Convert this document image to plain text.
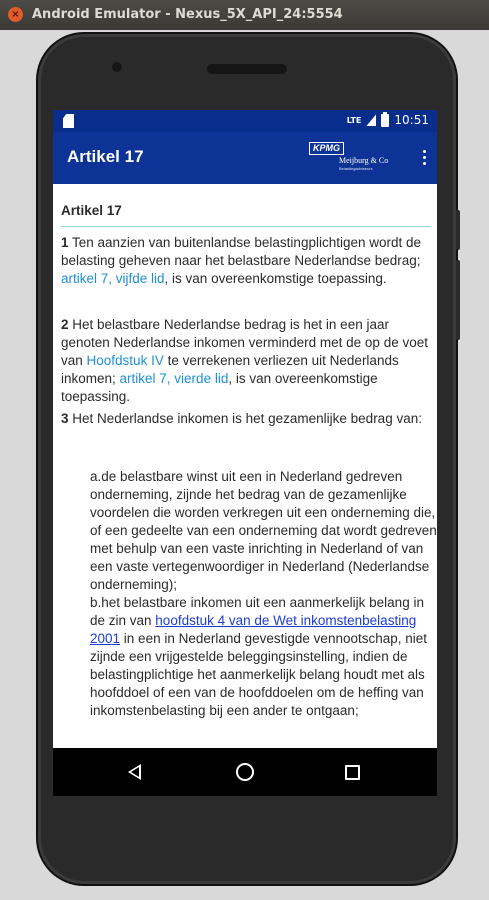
× Android Emulator - Nexus_5X_API_24:5554
LTE	10:51
Artikel 17	KPMG
Meijburg & Co
Belastingadviseurs
Artikel 17
1 Ten aanzien van buitenlandse belastingplichtigen wordt de belasting geheven naar het belastbare Nederlandse bedrag; artikel 7, vijfde lid, is van overeenkomstige toepassing.
2 Het belastbare Nederlandse bedrag is het in een jaar genoten Nederlandse inkomen verminderd met de op de voet van Hoofdstuk IV te verrekenen verliezen uit Nederlands inkomen; artikel 7, vierde lid, is van overeenkomstige toepassing.
3 Het Nederlandse inkomen is het gezamenlijke bedrag van:
a.de belastbare winst uit een in Nederland gedreven onderneming, zijnde het bedrag van de gezamenlijke voordelen die worden verkregen uit een onderneming die, of een gedeelte van een onderneming dat wordt gedreven met behulp van een vaste inrichting in Nederland of van een vaste vertegenwoordiger in Nederland (Nederlandse onderneming);
b.het belastbare inkomen uit een aanmerkelijk belang in de zin van hoofdstuk 4 van de Wet inkomstenbelasting 2001 in een in Nederland gevestigde vennootschap, niet zijnde een vrijgestelde beleggingsinstelling, indien de belastingplichtige het aanmerkelijk belang houdt met als hoofddoel of een van de hoofddoelen om de heffing van inkomstenbelasting bij een ander te ontgaan;
